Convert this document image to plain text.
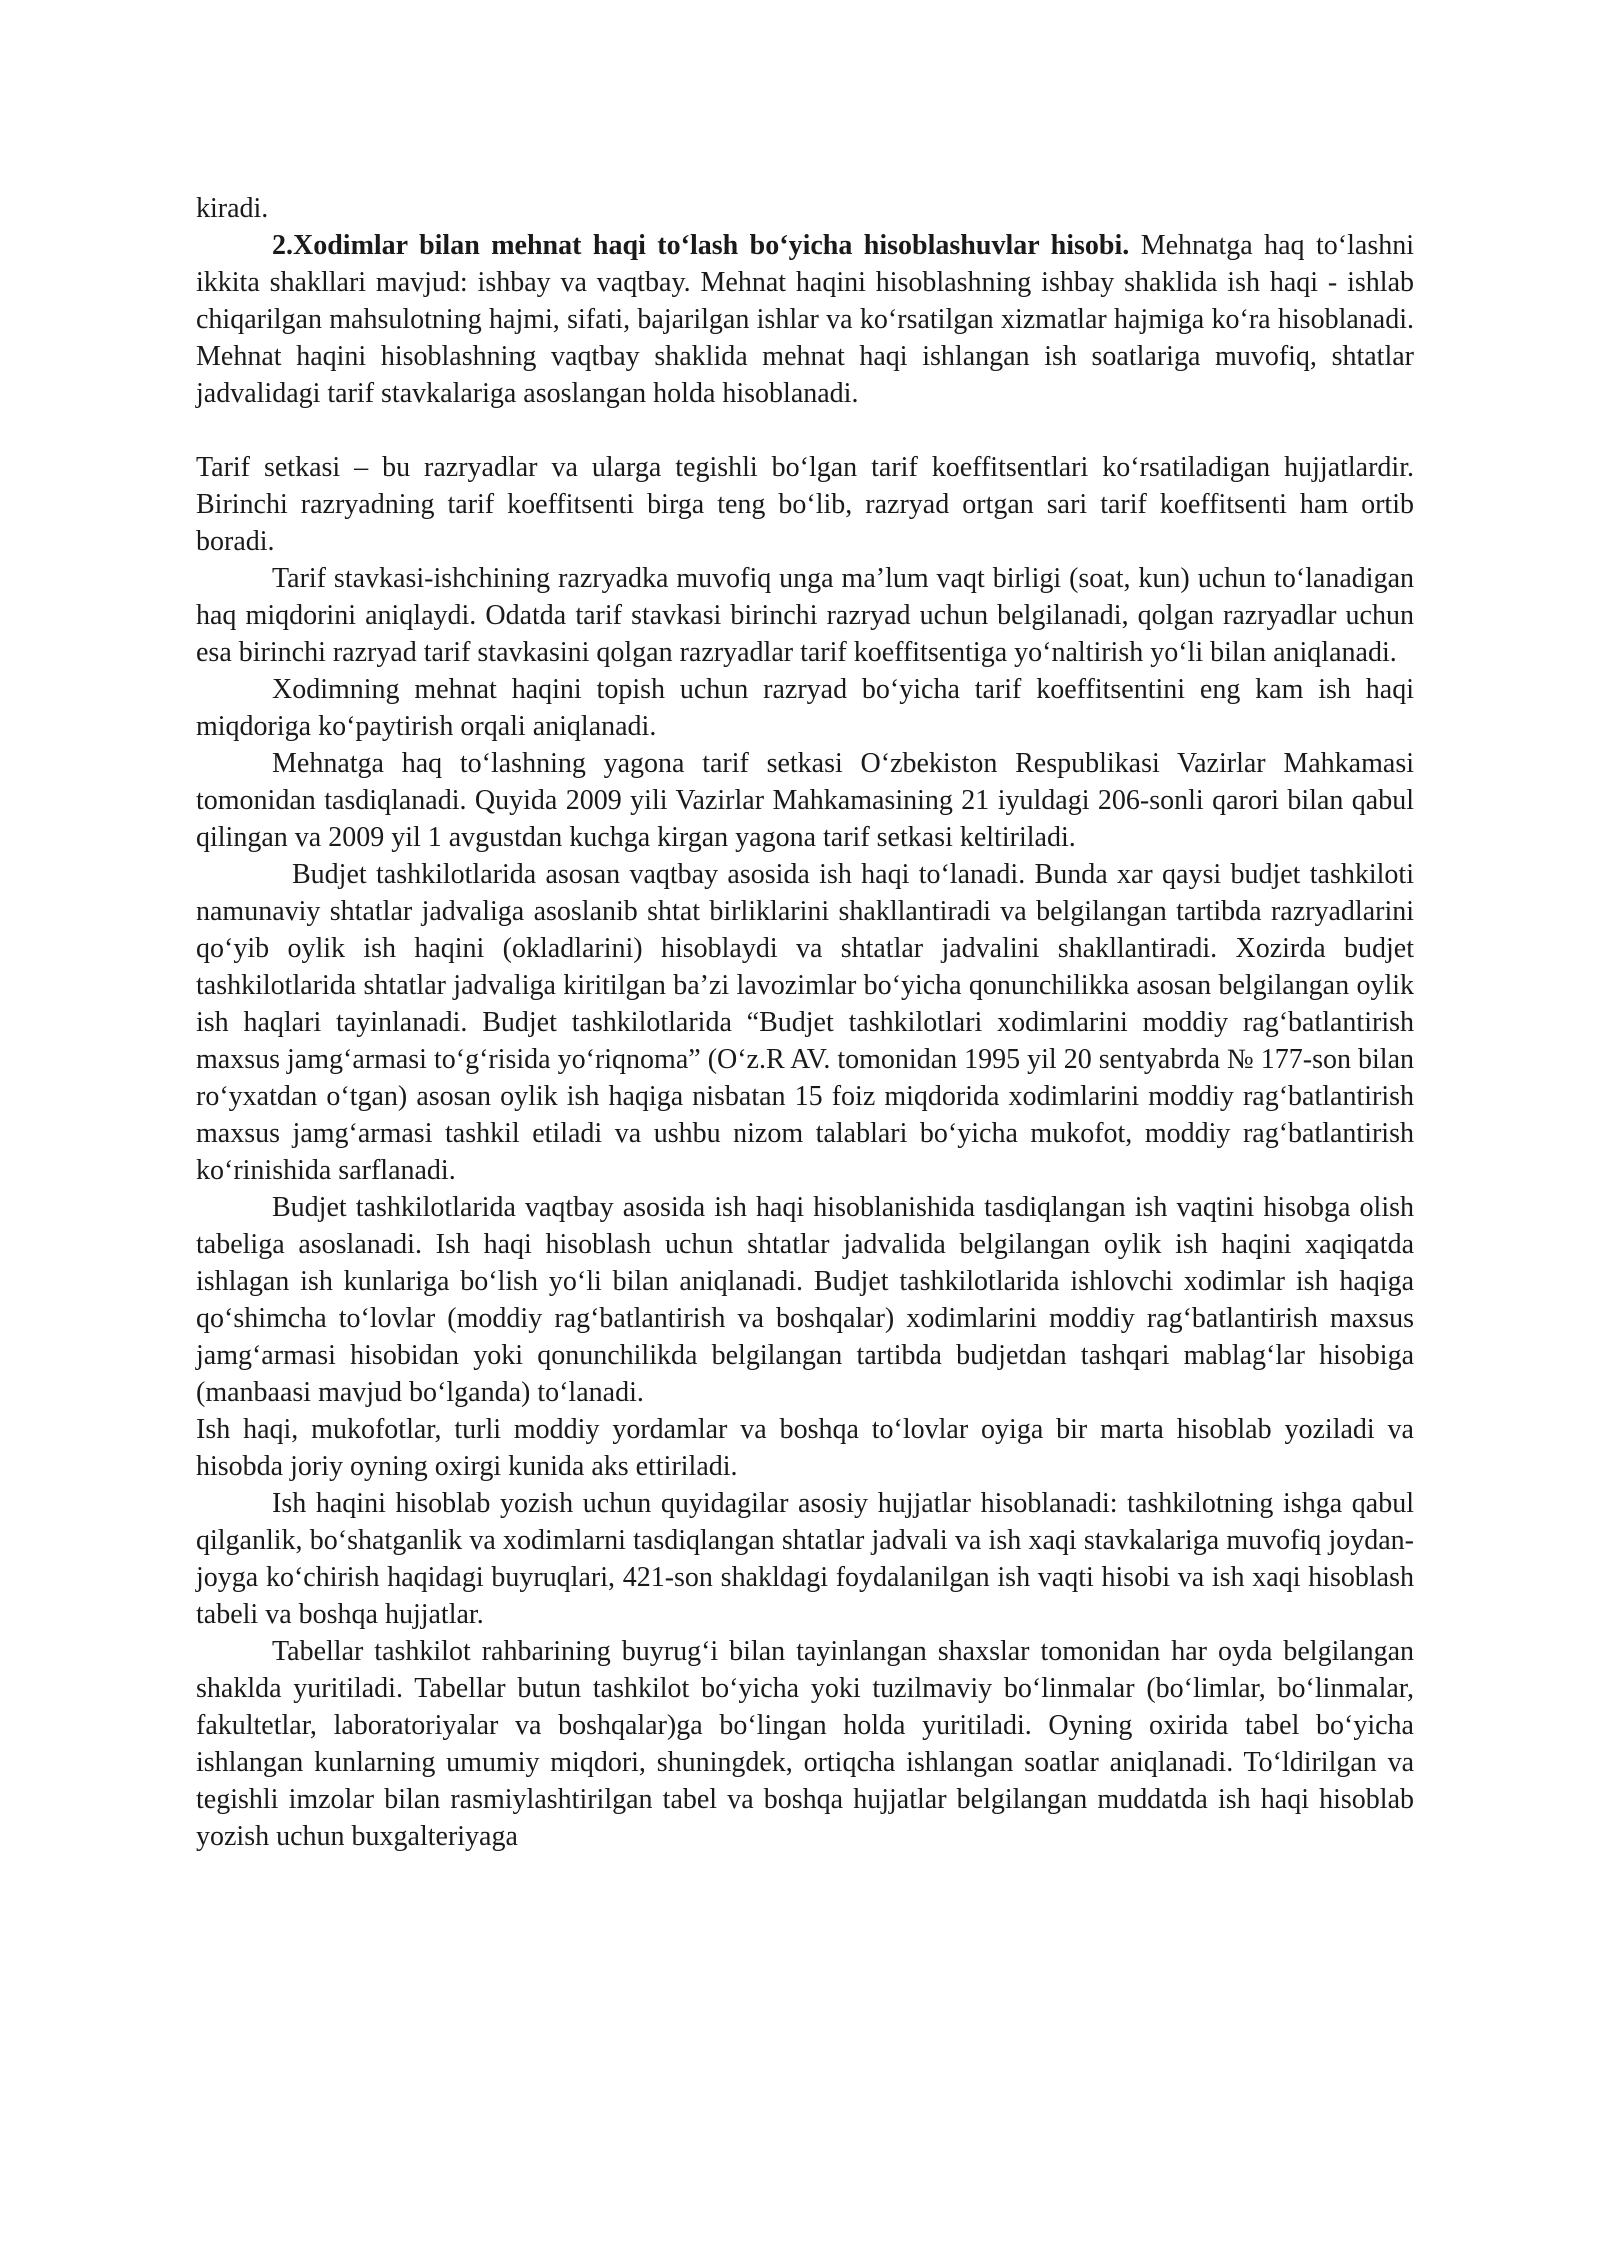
kiradi.

2.Xodimlar bilan mehnat haqi to‘lash bo‘yicha hisoblashuvlar hisobi. Mehnatga haq to‘lashni ikkita shakllari mavjud: ishbay va vaqtbay. Mehnat haqini hisoblashning ishbay shaklida ish haqi - ishlab chiqarilgan mahsulotning hajmi, sifati, bajarilgan ishlar va ko‘rsatilgan xizmatlar hajmiga ko‘ra hisoblanadi. Mehnat haqini hisoblashning vaqtbay shaklida mehnat haqi ishlangan ish soatlariga muvofiq, shtatlar jadvalidagi tarif stavkalariga asoslangan holda hisoblanadi.

Tarif setkasi – bu razryadlar va ularga tegishli bo‘lgan tarif koeffitsentlari ko‘rsatiladigan hujjatlardir. Birinchi razryadning tarif koeffitsenti birga teng bo‘lib, razryad ortgan sari tarif koeffitsenti ham ortib boradi.

Tarif stavkasi-ishchining razryadka muvofiq unga ma’lum vaqt birligi (soat, kun) uchun to‘lanadigan haq miqdorini aniqlaydi. Odatda tarif stavkasi birinchi razryad uchun belgilanadi, qolgan razryadlar uchun esa birinchi razryad tarif stavkasini qolgan razryadlar tarif koeffitsentiga yo‘naltirish yo‘li bilan aniqlanadi.

Xodimning mehnat haqini topish uchun razryad bo‘yicha tarif koeffitsentini eng kam ish haqi miqdoriga ko‘paytirish orqali aniqlanadi.

Mehnatga haq to‘lashning yagona tarif setkasi O‘zbekiston Respublikasi Vazirlar Mahkamasi tomonidan tasdiqlanadi. Quyida 2009 yili Vazirlar Mahkamasining 21 iyuldagi 206-sonli qarori bilan qabul qilingan va 2009 yil 1 avgustdan kuchga kirgan yagona tarif setkasi keltiriladi.

Budjet tashkilotlarida asosan vaqtbay asosida ish haqi to‘lanadi. Bunda xar qaysi budjet tashkiloti namunaviy shtatlar jadvaliga asoslanib shtat birliklarini shakllantiradi va belgilangan tartibda razryadlarini qo‘yib oylik ish haqini (okladlarini) hisoblaydi va shtatlar jadvalini shakllantiradi. Xozirda budjet tashkilotlarida shtatlar jadvaliga kiritilgan ba’zi lavozimlar bo‘yicha qonunchilikka asosan belgilangan oylik ish haqlari tayinlanadi. Budjet tashkilotlarida “Budjet tashkilotlari xodimlarini moddiy rag‘batlantirish maxsus jamg‘armasi to‘g‘risida yo‘riqnoma” (O‘z.R AV. tomonidan 1995 yil 20 sentyabrda № 177-son bilan ro‘yxatdan o‘tgan) asosan oylik ish haqiga nisbatan 15 foiz miqdorida xodimlarini moddiy rag‘batlantirish maxsus jamg‘armasi tashkil etiladi va ushbu nizom talablari bo‘yicha mukofot, moddiy rag‘batlantirish ko‘rinishida sarflanadi.

Budjet tashkilotlarida vaqtbay asosida ish haqi hisoblanishida tasdiqlangan ish vaqtini hisobga olish tabeliga asoslanadi. Ish haqi hisoblash uchun shtatlar jadvalida belgilangan oylik ish haqini xaqiqatda ishlagan ish kunlariga bo‘lish yo‘li bilan aniqlanadi. Budjet tashkilotlarida ishlovchi xodimlar ish haqiga qo‘shimcha to‘lovlar (moddiy rag‘batlantirish va boshqalar) xodimlarini moddiy rag‘batlantirish maxsus jamg‘armasi hisobidan yoki qonunchilikda belgilangan tartibda budjetdan tashqari mablag‘lar hisobiga (manbaasi mavjud bo‘lganda) to‘lanadi.

Ish haqi, mukofotlar, turli moddiy yordamlar va boshqa to‘lovlar oyiga bir marta hisoblab yoziladi va hisobda joriy oyning oxirgi kunida aks ettiriladi.

Ish haqini hisoblab yozish uchun quyidagilar asosiy hujjatlar hisoblanadi: tashkilotning ishga qabul qilganlik, bo‘shatganlik va xodimlarni tasdiqlangan shtatlar jadvali va ish xaqi stavkalariga muvofiq joydan-joyga ko‘chirish haqidagi buyruqlari, 421-son shakldagi foydalanilgan ish vaqti hisobi va ish xaqi hisoblash tabeli va boshqa hujjatlar.

Tabellar tashkilot rahbarining buyrug‘i bilan tayinlangan shaxslar tomonidan har oyda belgilangan shaklda yuritiladi. Tabellar butun tashkilot bo‘yicha yoki tuzilmaviy bo‘linmalar (bo‘limlar, bo‘linmalar, fakultetlar, laboratoriyalar va boshqalar)ga bo‘lingan holda yuritiladi. Oyning oxirida tabel bo‘yicha ishlangan kunlarning umumiy miqdori, shuningdek, ortiqcha ishlangan soatlar aniqlanadi. To‘ldirilgan va tegishli imzolar bilan rasmiylashtirilgan tabel va boshqa hujjatlar belgilangan muddatda ish haqi hisoblab yozish uchun buxgalteriyaga
